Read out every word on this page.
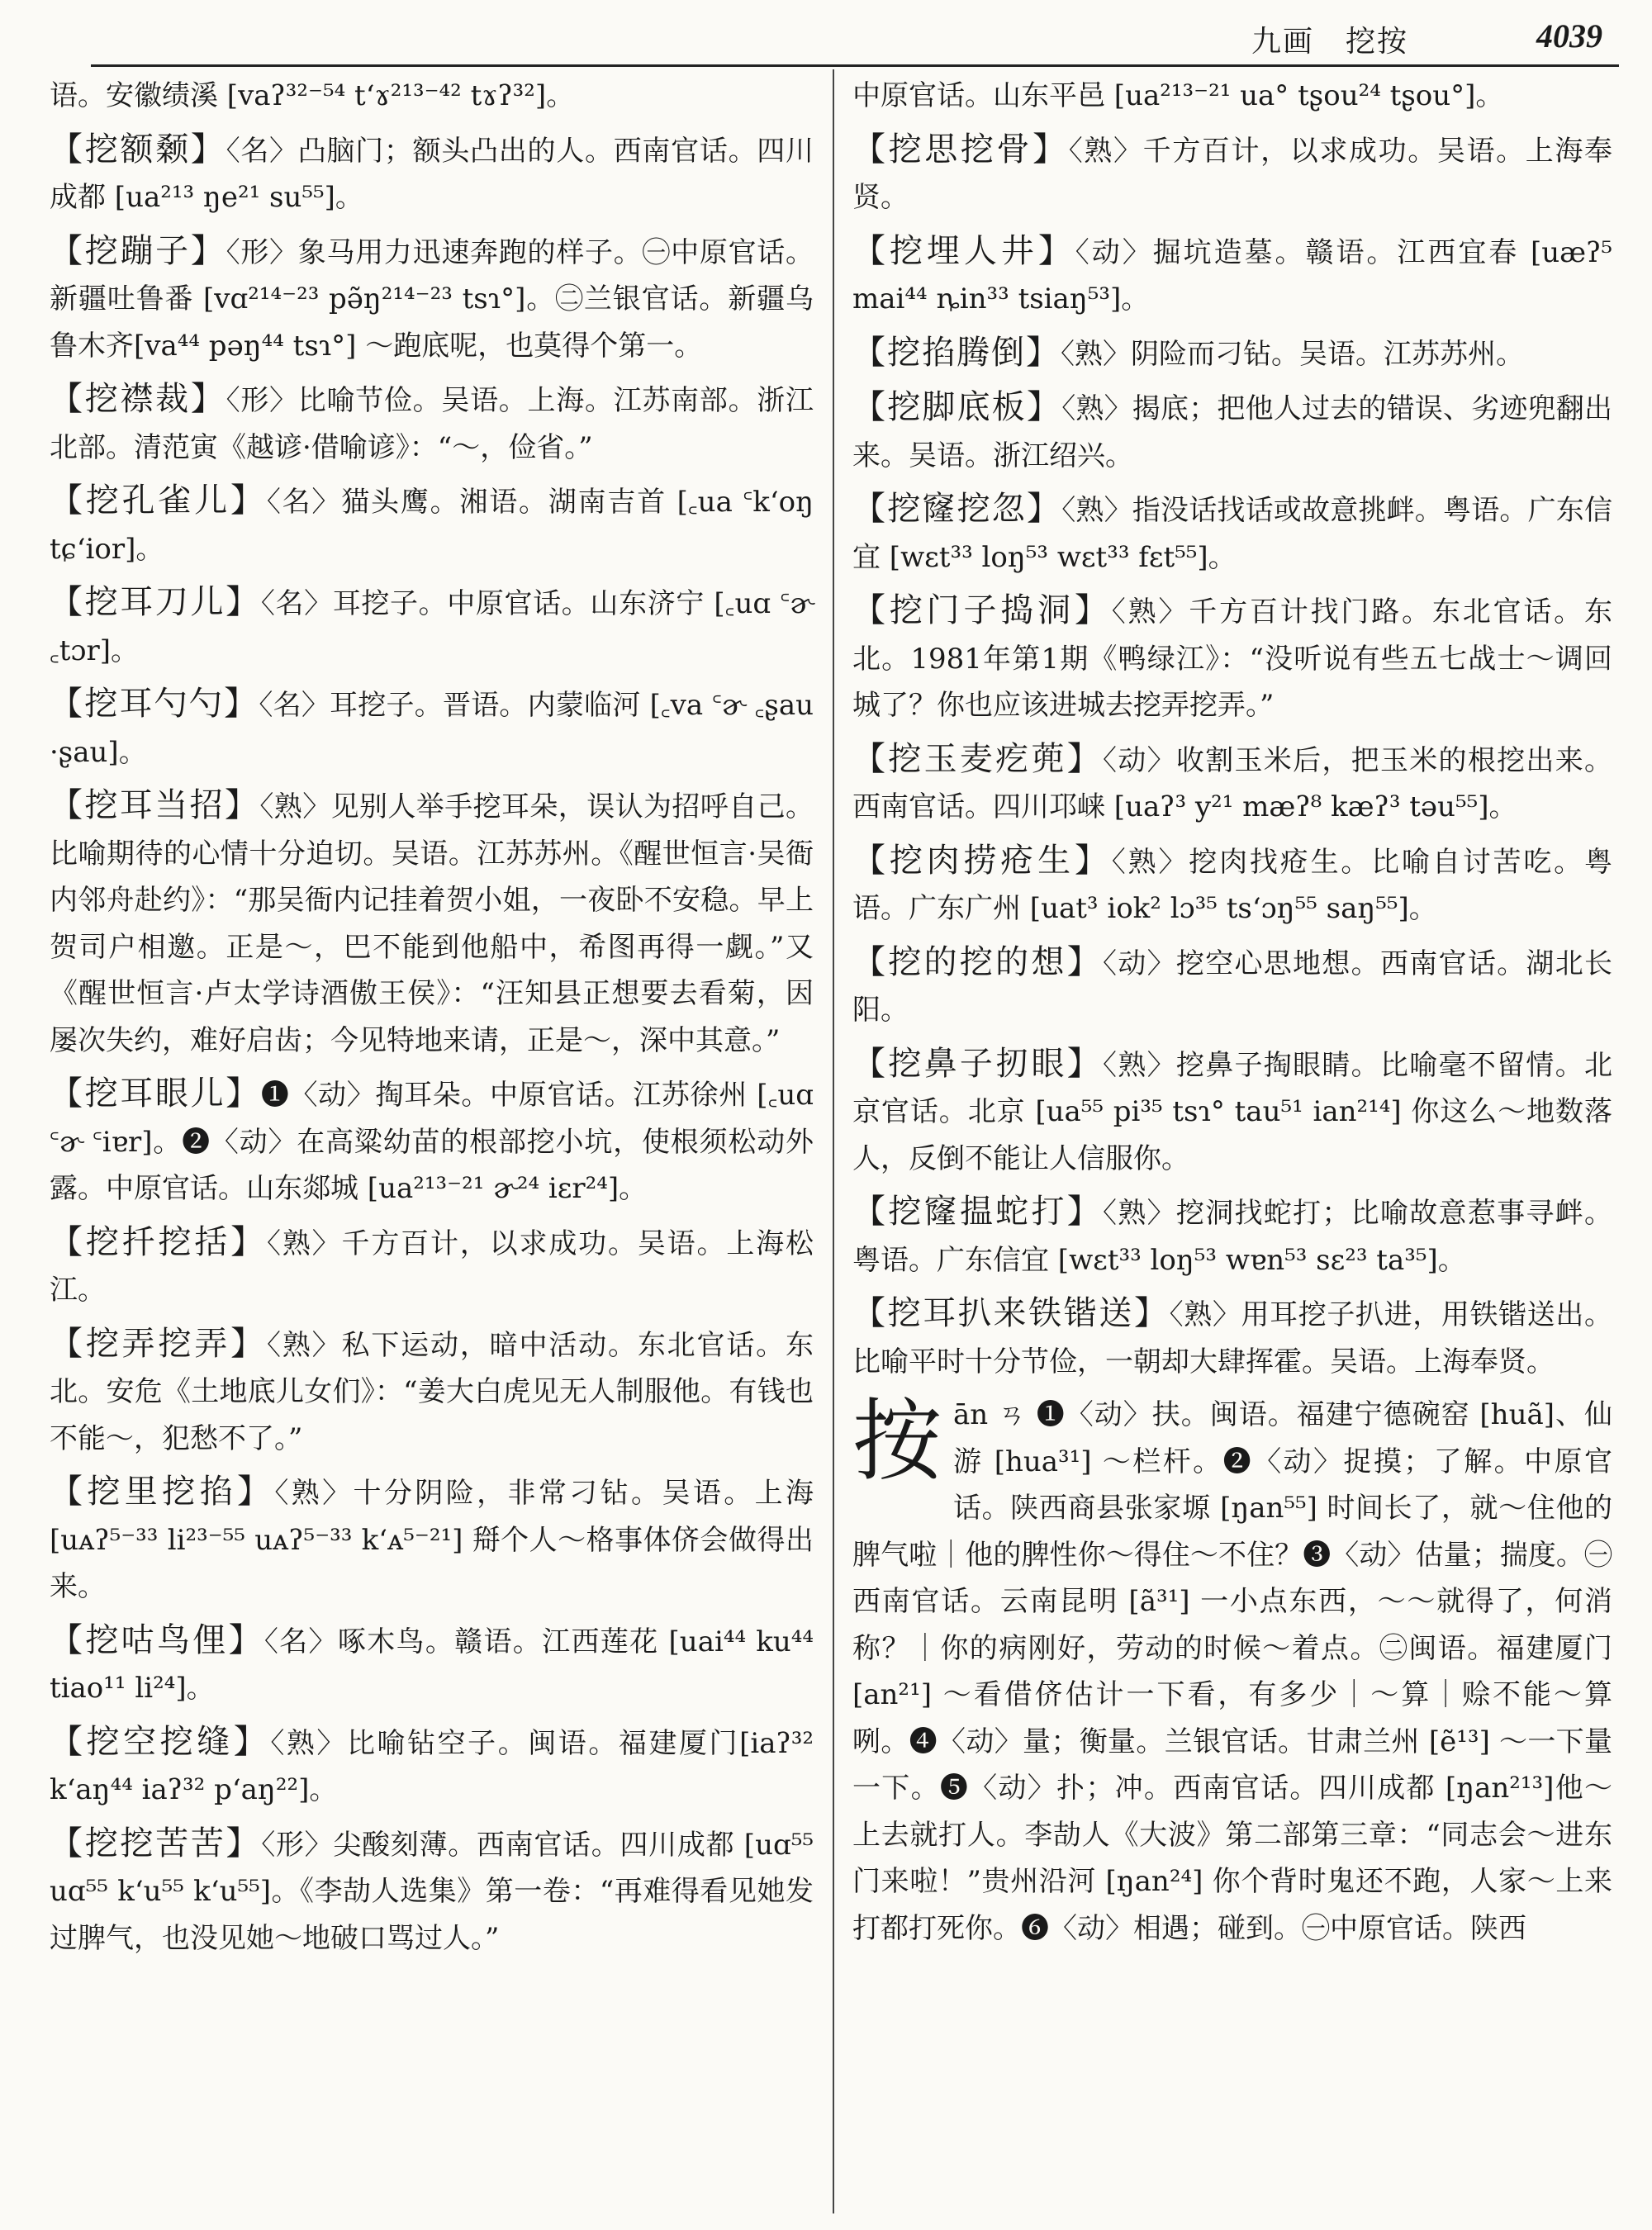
九画　挖按	4039

语。安徽绩溪 [vaʔ³²⁻⁵⁴ tʻɤ²¹³⁻⁴² tɤʔ³²]。

【挖额颡】〈名〉凸脑门；额头凸出的人。西南官话。四川成都 [ua²¹³ ŋe²¹ su⁵⁵]。

【挖蹦子】〈形〉象马用力迅速奔跑的样子。㊀中原官话。新疆吐鲁番 [vɑ²¹⁴⁻²³ pə̃ŋ²¹⁴⁻²³ tsɿ°]。㊁兰银官话。新疆乌鲁木齐[va⁴⁴ pəŋ⁴⁴ tsɿ°] ～跑底呢，也莫得个第一。

【挖襟裁】〈形〉比喻节俭。吴语。上海。江苏南部。浙江北部。清范寅《越谚·借喻谚》：“～，俭省。”

【挖孔雀儿】〈名〉猫头鹰。湘语。湖南吉首 [꜀ua ꜂kʻoŋ tɕʻior]。

【挖耳刀儿】〈名〉耳挖子。中原官话。山东济宁 [꜀uɑ ꜂ɚ ꜀tɔr]。

【挖耳勺勺】〈名〉耳挖子。晋语。内蒙临河 [꜀va ꜂ɚ ꜀ʂau ·ʂau]。

【挖耳当招】〈熟〉见别人举手挖耳朵，误认为招呼自己。比喻期待的心情十分迫切。吴语。江苏苏州。《醒世恒言·吴衙内邻舟赴约》：“那吴衙内记挂着贺小姐，一夜卧不安稳。早上贺司户相邀。正是～，巴不能到他船中，希图再得一觑。”又《醒世恒言·卢太学诗酒傲王侯》：“汪知县正想要去看菊，因屡次失约，难好启齿；今见特地来请，正是～，深中其意。”

【挖耳眼儿】❶〈动〉掏耳朵。中原官话。江苏徐州 [꜀uɑ ꜂ɚ ꜂iɐr]。❷〈动〉在高粱幼苗的根部挖小坑，使根须松动外露。中原官话。山东郯城 [ua²¹³⁻²¹ ɚ²⁴ iɛr²⁴]。

【挖扦挖括】〈熟〉千方百计，以求成功。吴语。上海松江。

【挖弄挖弄】〈熟〉私下运动，暗中活动。东北官话。东北。安危《土地底儿女们》：“姜大白虎见无人制服他。有钱也不能～，犯愁不了。”

【挖里挖掐】〈熟〉十分阴险，非常刁钻。吴语。上海 [uᴀʔ⁵⁻³³ li²³⁻⁵⁵ uᴀʔ⁵⁻³³ kʻᴀ⁵⁻²¹] 搿个人～格事体侪会做得出来。

【挖咕鸟俚】〈名〉啄木鸟。赣语。江西莲花 [uai⁴⁴ ku⁴⁴ tiao¹¹ li²⁴]。

【挖空挖缝】〈熟〉比喻钻空子。闽语。福建厦门[iaʔ³² kʻaŋ⁴⁴ iaʔ³² pʻaŋ²²]。

【挖挖苦苦】〈形〉尖酸刻薄。西南官话。四川成都 [uɑ⁵⁵ uɑ⁵⁵ kʻu⁵⁵ kʻu⁵⁵]。《李劼人选集》第一卷：“再难得看见她发过脾气，也没见她～地破口骂过人。”

中原官话。山东平邑 [ua²¹³⁻²¹ ua° tʂou²⁴ tʂou°]。

【挖思挖骨】〈熟〉千方百计，以求成功。吴语。上海奉贤。

【挖埋人井】〈动〉掘坑造墓。赣语。江西宜春 [uæʔ⁵ mai⁴⁴ ȵin³³ tsiaŋ⁵³]。

【挖掐腾倒】〈熟〉阴险而刁钻。吴语。江苏苏州。

【挖脚底板】〈熟〉揭底；把他人过去的错误、劣迹兜翻出来。吴语。浙江绍兴。

【挖窿挖忽】〈熟〉指没话找话或故意挑衅。粤语。广东信宜 [wɛt³³ loŋ⁵³ wɛt³³ fɛt⁵⁵]。

【挖门子捣洞】〈熟〉千方百计找门路。东北官话。东北。1981年第1期《鸭绿江》：“没听说有些五七战士～调回城了？你也应该进城去挖弄挖弄。”

【挖玉麦疙蔸】〈动〉收割玉米后，把玉米的根挖出来。西南官话。四川邛崃 [uaʔ³ y²¹ mæʔ⁸ kæʔ³ təu⁵⁵]。

【挖肉捞疮生】〈熟〉挖肉找疮生。比喻自讨苦吃。粤语。广东广州 [uat³ iok² lɔ³⁵ tsʻɔŋ⁵⁵ saŋ⁵⁵]。

【挖的挖的想】〈动〉挖空心思地想。西南官话。湖北长阳。

【挖鼻子扨眼】〈熟〉挖鼻子掏眼睛。比喻毫不留情。北京官话。北京 [ua⁵⁵ pi³⁵ tsɿ° tau⁵¹ ian²¹⁴] 你这么～地数落人，反倒不能让人信服你。

【挖窿揾蛇打】〈熟〉挖洞找蛇打；比喻故意惹事寻衅。粤语。广东信宜 [wɛt³³ loŋ⁵³ wɐn⁵³ sɛ²³ ta³⁵]。

【挖耳扒来铁锴送】〈熟〉用耳挖子扒进，用铁锴送出。比喻平时十分节俭，一朝却大肆挥霍。吴语。上海奉贤。

按 ān ㄢ ❶〈动〉扶。闽语。福建宁德碗窑 [huã]、仙游 [hua³¹] ～栏杆。❷〈动〉捉摸；了解。中原官话。陕西商县张家塬 [ŋan⁵⁵] 时间长了，就～住他的脾气啦｜他的脾性你～得住～不住？❸〈动〉估量；揣度。㊀西南官话。云南昆明 [ã³¹] 一小点东西，～～就得了，何消称？｜你的病刚好，劳动的时候～着点。㊁闽语。福建厦门 [an²¹] ～看借侪估计一下看，有多少｜～算｜赊不能～算咧。❹〈动〉量；衡量。兰银官话。甘肃兰州 [ẽ¹³] ～一下量一下。❺〈动〉扑；冲。西南官话。四川成都 [ŋan²¹³]他～上去就打人。李劼人《大波》第二部第三章：“同志会～进东门来啦！”贵州沿河 [ŋan²⁴] 你个背时鬼还不跑，人家～上来打都打死你。❻〈动〉相遇；碰到。㊀中原官话。陕西
